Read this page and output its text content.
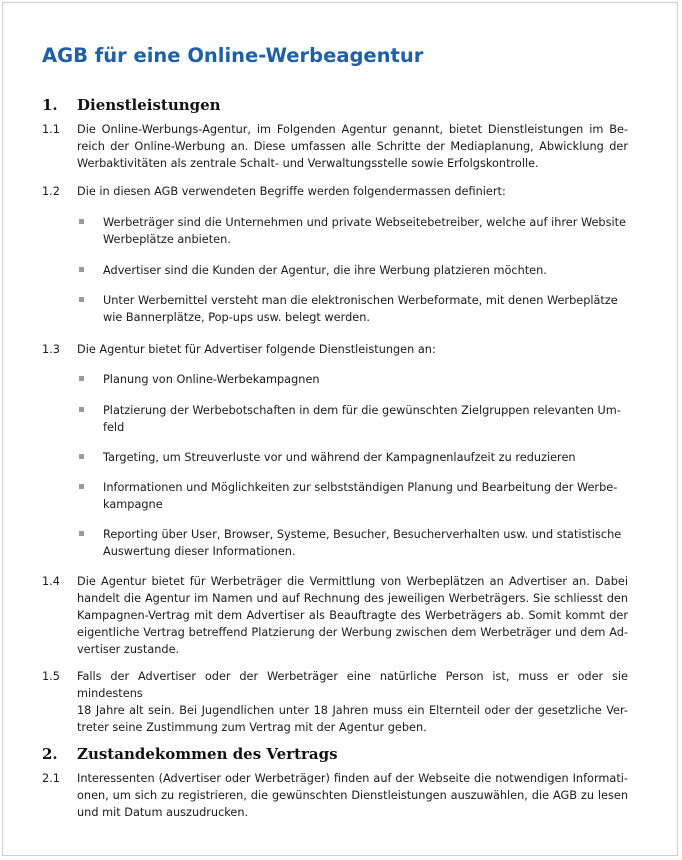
AGB für eine Online-Werbeagentur
1. Dienstleistungen
1.1 Die Online-Werbungs-Agentur, im Folgenden Agentur genannt, bietet Dienstleistungen im Be-
reich der Online-Werbung an. Diese umfassen alle Schritte der Mediaplanung, Abwicklung der
Werbaktivitäten als zentrale Schalt- und Verwaltungsstelle sowie Erfolgskontrolle.
1.2 Die in diesen AGB verwendeten Begriffe werden folgendermassen definiert:
Werbeträger sind die Unternehmen und private Webseitebetreiber, welche auf ihrer Website
Werbeplätze anbieten.
Advertiser sind die Kunden der Agentur, die ihre Werbung platzieren möchten.
Unter Werbemittel versteht man die elektronischen Werbeformate, mit denen Werbeplätze
wie Bannerplätze, Pop-ups usw. belegt werden.
1.3 Die Agentur bietet für Advertiser folgende Dienstleistungen an:
Planung von Online-Werbekampagnen
Platzierung der Werbebotschaften in dem für die gewünschten Zielgruppen relevanten Um-
feld
Targeting, um Streuverluste vor und während der Kampagnenlaufzeit zu reduzieren
Informationen und Möglichkeiten zur selbstständigen Planung und Bearbeitung der Werbe-
kampagne
Reporting über User, Browser, Systeme, Besucher, Besucherverhalten usw. und statistische
Auswertung dieser Informationen.
1.4 Die Agentur bietet für Werbeträger die Vermittlung von Werbeplätzen an Advertiser an. Dabei
handelt die Agentur im Namen und auf Rechnung des jeweiligen Werbeträgers. Sie schliesst den
Kampagnen-Vertrag mit dem Advertiser als Beauftragte des Werbeträgers ab. Somit kommt der
eigentliche Vertrag betreffend Platzierung der Werbung zwischen dem Werbeträger und dem Ad-
vertiser zustande.
1.5 Falls der Advertiser oder der Werbeträger eine natürliche Person ist, muss er oder sie mindestens
18 Jahre alt sein. Bei Jugendlichen unter 18 Jahren muss ein Elternteil oder der gesetzliche Ver-
treter seine Zustimmung zum Vertrag mit der Agentur geben.
2. Zustandekommen des Vertrags
2.1 Interessenten (Advertiser oder Werbeträger) finden auf der Webseite die notwendigen Informati-
onen, um sich zu registrieren, die gewünschten Dienstleistungen auszuwählen, die AGB zu lesen
und mit Datum auszudrucken.
